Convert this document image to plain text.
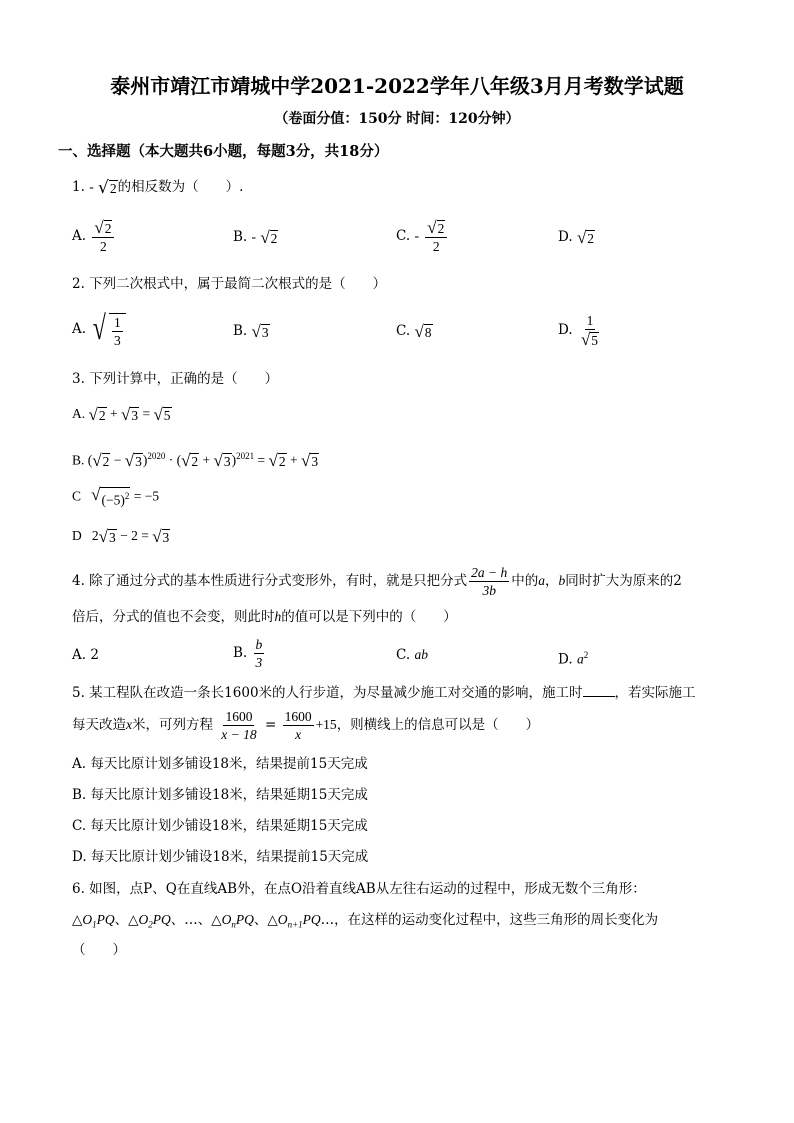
泰州市靖江市靖城中学2021-2022学年八年级3月月考数学试题
（卷面分值：150分 时间：120分钟）
一、选择题（本大题共6小题，每题3分，共18分）
1. - √ 2 的相反数为（　　）.
A. $\frac{√ 2}{2}$	B. - √ 2	C. - $\frac{√ 2}{2}$	D. √ 2
2. 下列二次根式中，属于最简二次根式的是（　　）
A. √ $\frac{1}{3}$	B. √ 3	C. √ 8	D. $\frac{1}{√ 5}$
3. 下列计算中，正确的是（　　）
A. √ 2 + √ 3 = √ 5
B. ( √ 2 − √ 3 )$^{2020}$ · ( √ 2 + √ 3 )$^{2021}$ = √ 2 + √ 3
C √ $(-5)^2 = -5$
D   2 √ 3 − 2 = √ 3
4. 除了通过分式的基本性质进行分式变形外，有时，就是只把分式 $\frac{2a - h}{3b}$ 中的a，b同时扩大为原来的2
倍后，分式的值也不会变，则此时h的值可以是下列中的（　　）
A. 2	B. $\frac{b}{3}$	C. ab	D. $a^2$
5. 某工程队在改造一条长1600米的人行步道，为尽量减少施工对交通的影响，施工时 ，若实际施工
每天改造x米，可列方程 $\frac{1600}{x - 18} = \frac{1600}{x} +15$，则横线上的信息可以是（　　）
A. 每天比原计划多铺设18米，结果提前15天完成
B. 每天比原计划多铺设18米，结果延期15天完成
C. 每天比原计划少铺设18米，结果延期15天完成
D. 每天比原计划少铺设18米，结果提前15天完成
6. 如图，点P、Q在直线AB外，在点O沿着直线AB从左往右运动的过程中，形成无数个三角形：
$\triangle O_1PQ$、$\triangle O_2PQ$、…、$\triangle O_nPQ$、$\triangle O_{n+1}PQ\dots$，在这样的运动变化过程中，这些三角形的周长变化为
（　　）
